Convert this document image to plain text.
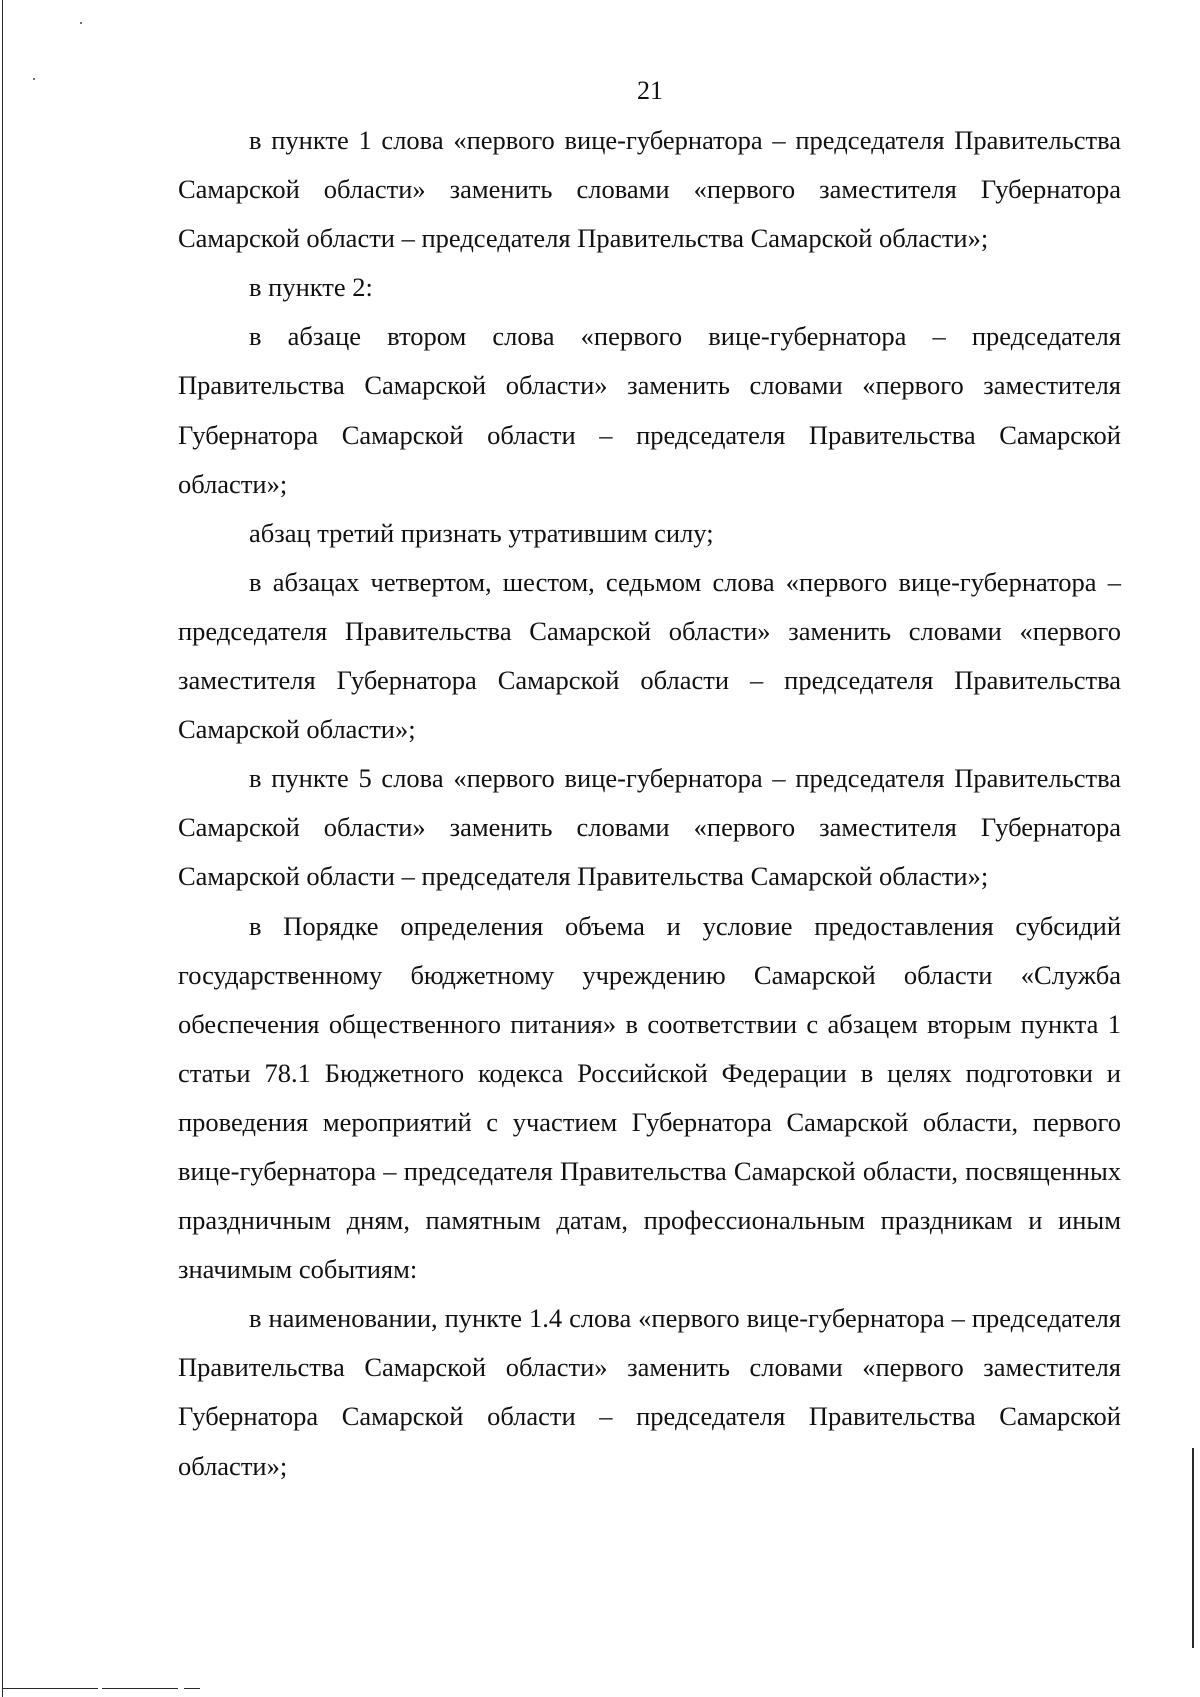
21

в пункте 1 слова «первого вице-губернатора – председателя Правительства Самарской области» заменить словами «первого заместителя Губернатора Самарской области – председателя Правительства Самарской области»;

в пункте 2:

в абзаце втором слова «первого вице-губернатора – председателя Правительства Самарской области» заменить словами «первого заместителя Губернатора Самарской области – председателя Правительства Самарской области»;

абзац третий признать утратившим силу;

в абзацах четвертом, шестом, седьмом слова «первого вице-губернатора – председателя Правительства Самарской области» заменить словами «первого заместителя Губернатора Самарской области – председателя Правительства Самарской области»;

в пункте 5 слова «первого вице-губернатора – председателя Правительства Самарской области» заменить словами «первого заместителя Губернатора Самарской области – председателя Правительства Самарской области»;

в Порядке определения объема и условие предоставления субсидий государственному бюджетному учреждению Самарской области «Служба обеспечения общественного питания» в соответствии с абзацем вторым пункта 1 статьи 78.1 Бюджетного кодекса Российской Федерации в целях подготовки и проведения мероприятий с участием Губернатора Самарской области, первого вице-губернатора – председателя Правительства Самарской области, посвященных праздничным дням, памятным датам, профессиональным праздникам и иным значимым событиям:

в наименовании, пункте 1.4 слова «первого вице-губернатора – председателя Правительства Самарской области» заменить словами «первого заместителя Губернатора Самарской области – председателя Правительства Самарской области»;
